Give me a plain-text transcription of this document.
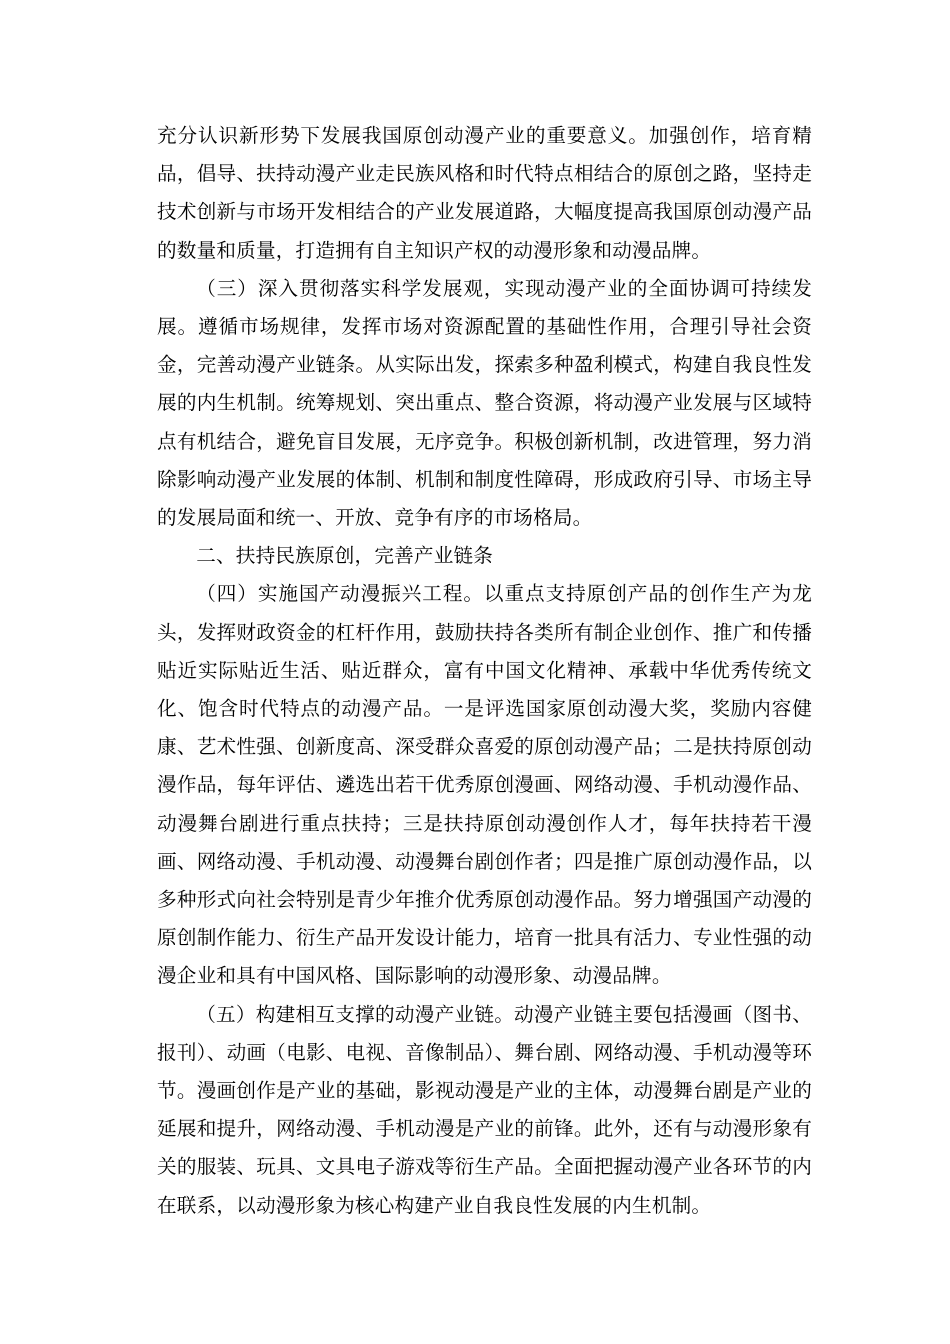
充分认识新形势下发展我国原创动漫产业的重要意义。加强创作，培育精品，倡导、扶持动漫产业走民族风格和时代特点相结合的原创之路，坚持走技术创新与市场开发相结合的产业发展道路，大幅度提高我国原创动漫产品的数量和质量，打造拥有自主知识产权的动漫形象和动漫品牌。

（三）深入贯彻落实科学发展观，实现动漫产业的全面协调可持续发展。遵循市场规律，发挥市场对资源配置的基础性作用，合理引导社会资金，完善动漫产业链条。从实际出发，探索多种盈利模式，构建自我良性发展的内生机制。统筹规划、突出重点、整合资源，将动漫产业发展与区域特点有机结合，避免盲目发展，无序竞争。积极创新机制，改进管理，努力消除影响动漫产业发展的体制、机制和制度性障碍，形成政府引导、市场主导的发展局面和统一、开放、竞争有序的市场格局。

二、扶持民族原创，完善产业链条

（四）实施国产动漫振兴工程。以重点支持原创产品的创作生产为龙头，发挥财政资金的杠杆作用，鼓励扶持各类所有制企业创作、推广和传播贴近实际贴近生活、贴近群众，富有中国文化精神、承载中华优秀传统文化、饱含时代特点的动漫产品。一是评选国家原创动漫大奖，奖励内容健康、艺术性强、创新度高、深受群众喜爱的原创动漫产品；二是扶持原创动漫作品，每年评估、遴选出若干优秀原创漫画、网络动漫、手机动漫作品、动漫舞台剧进行重点扶持；三是扶持原创动漫创作人才，每年扶持若干漫画、网络动漫、手机动漫、动漫舞台剧创作者；四是推广原创动漫作品，以多种形式向社会特别是青少年推介优秀原创动漫作品。努力增强国产动漫的原创制作能力、衍生产品开发设计能力，培育一批具有活力、专业性强的动漫企业和具有中国风格、国际影响的动漫形象、动漫品牌。

（五）构建相互支撑的动漫产业链。动漫产业链主要包括漫画（图书、报刊）、动画（电影、电视、音像制品）、舞台剧、网络动漫、手机动漫等环节。漫画创作是产业的基础，影视动漫是产业的主体，动漫舞台剧是产业的延展和提升，网络动漫、手机动漫是产业的前锋。此外，还有与动漫形象有关的服装、玩具、文具电子游戏等衍生产品。全面把握动漫产业各环节的内在联系，以动漫形象为核心构建产业自我良性发展的内生机制。
